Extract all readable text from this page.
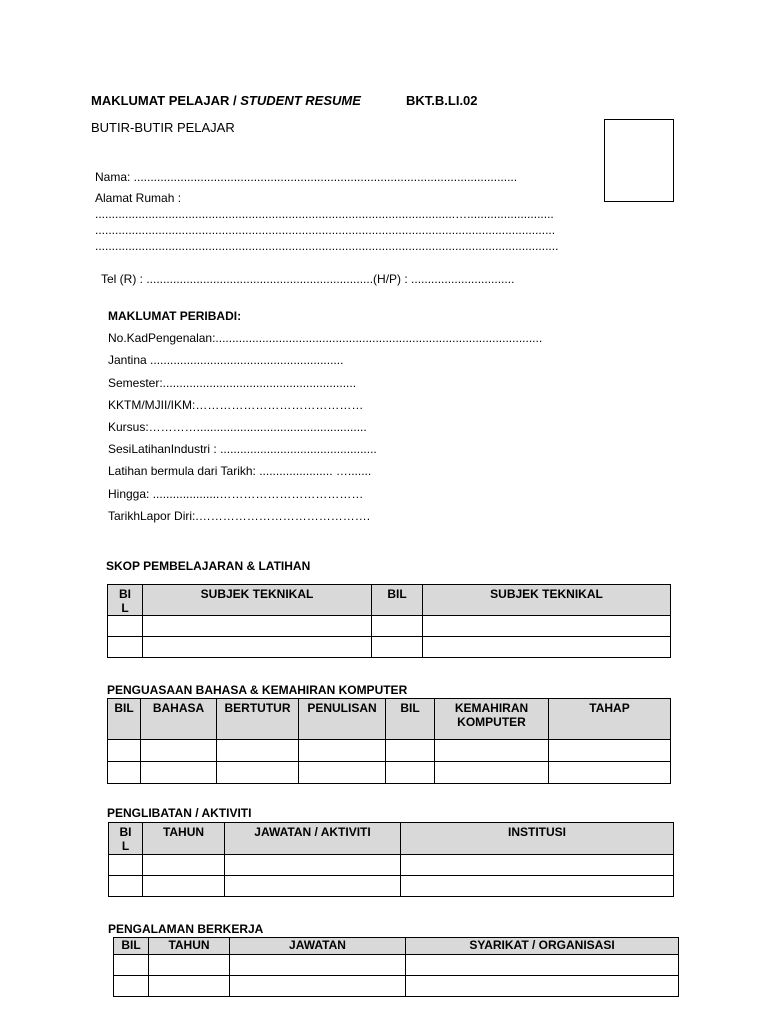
MAKLUMAT PELAJAR / STUDENT RESUME	BKT.B.LI.02
BUTIR-BUTIR PELAJAR
Nama: ...................................................................................................................
Alamat Rumah :
............................................................................................................…..........................
..........................................................................................................................................
...........................................................................................................................................
Tel (R) : ....................................................................(H/P) : ...............................
MAKLUMAT PERIBADI:
No.KadPengenalan:..................................................................................................
Jantina ..........................................................
Semester:..........................................................
KKTM/MJII/IKM:……………………………………
Kursus:…………...................................................
SesiLatihanIndustri : ...............................................
Latihan bermula dari Tarikh: ...................... ….......
Hingga: ....................………………………………
TarikhLapor Diri:.…………………………………….
SKOP PEMBELAJARAN & LATIHAN
BI
L	SUBJEK TEKNIKAL	BIL	SUBJEK TEKNIKAL

PENGUASAAN BAHASA & KEMAHIRAN KOMPUTER
BIL	BAHASA	BERTUTUR	PENULISAN	BIL	KEMAHIRAN
KOMPUTER	TAHAP

PENGLIBATAN / AKTIVITI
BI
L	TAHUN	JAWATAN / AKTIVITI	INSTITUSI

PENGALAMAN BERKERJA
BIL	TAHUN	JAWATAN	SYARIKAT / ORGANISASI
